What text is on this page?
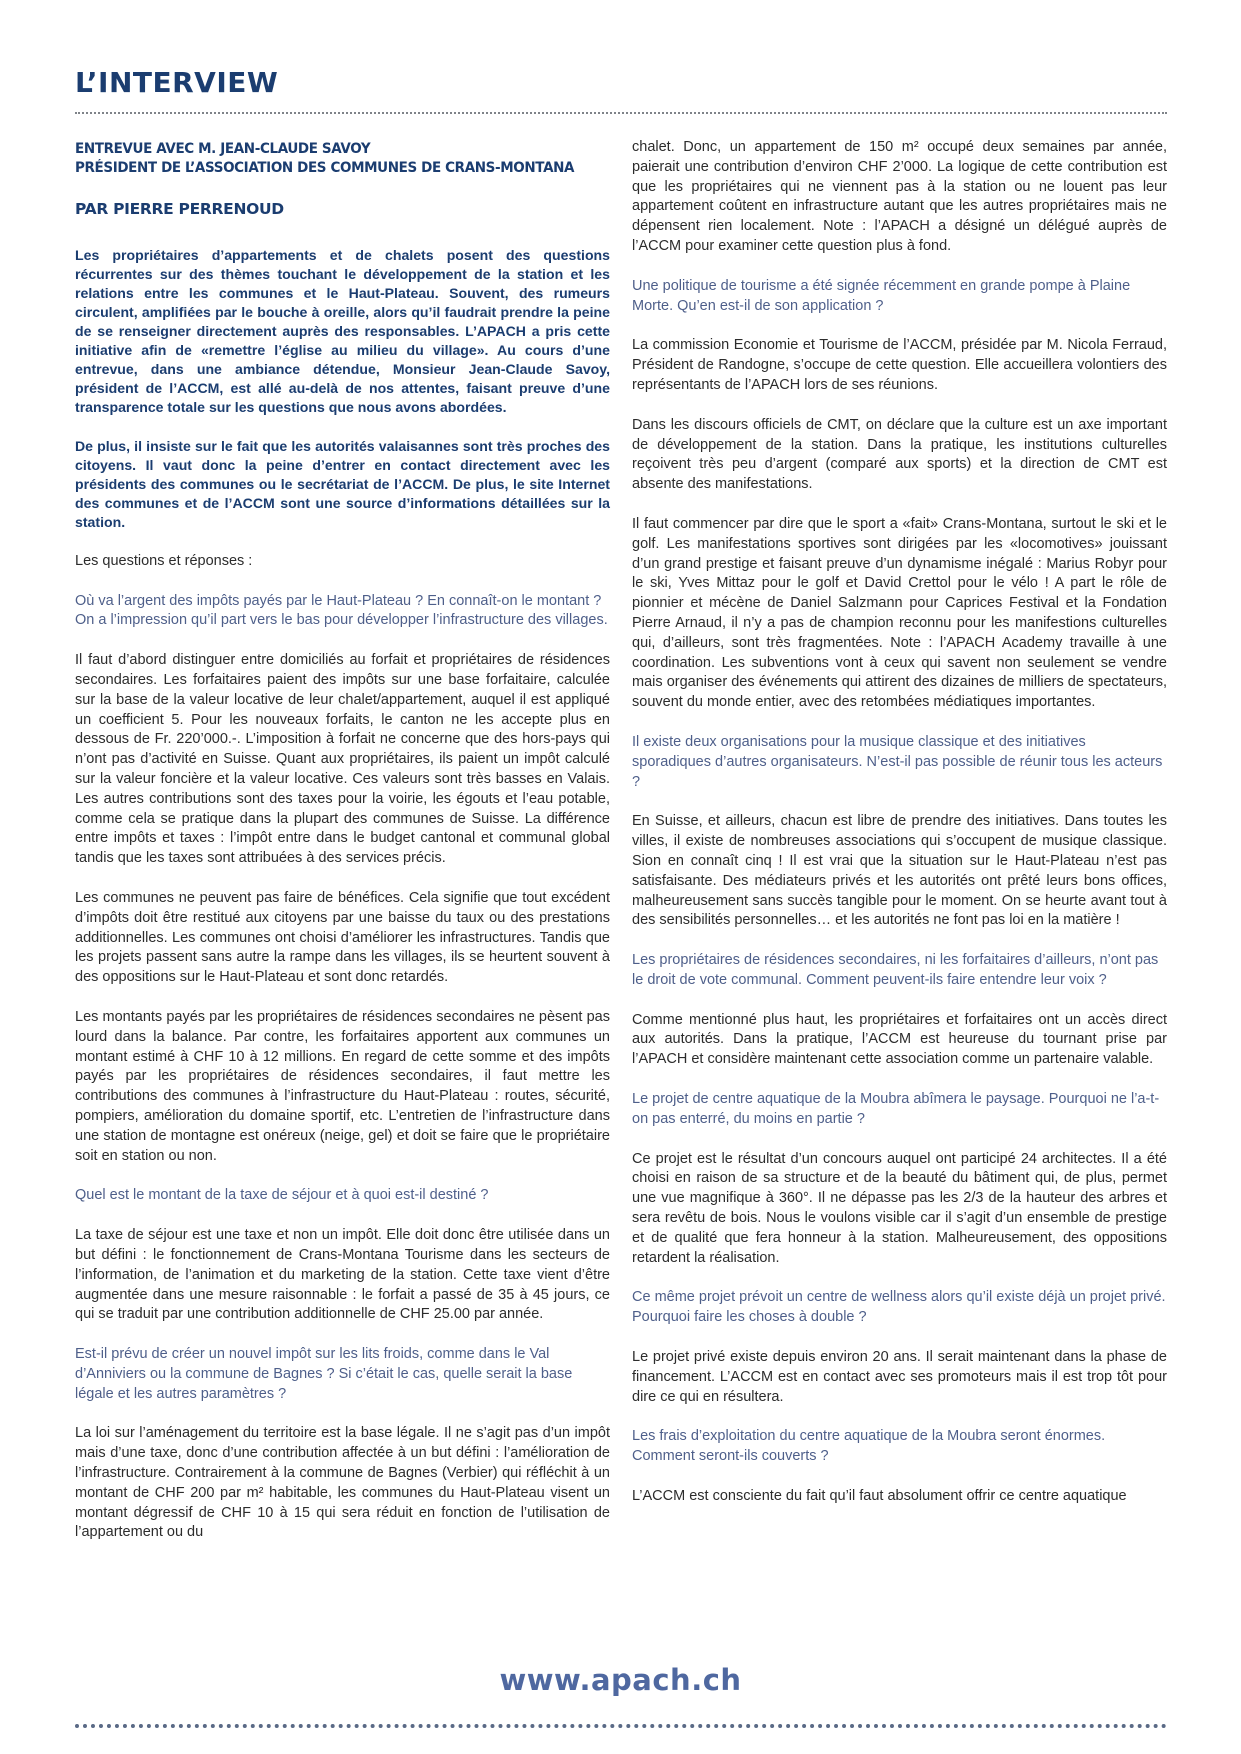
L’INTERVIEW
ENTREVUE AVEC M. JEAN-CLAUDE SAVOY
PRÉSIDENT DE L’ASSOCIATION DES COMMUNES DE CRANS-MONTANA
PAR PIERRE PERRENOUD

Les propriétaires d’appartements et de chalets posent des questions récurrentes sur des thèmes touchant le développement de la station et les relations entre les communes et le Haut-Plateau. Souvent, des rumeurs circulent, amplifiées par le bouche à oreille, alors qu’il faudrait prendre la peine de se renseigner directement auprès des responsables. L’APACH a pris cette initiative afin de «remettre l’église au milieu du village». Au cours d’une entrevue, dans une ambiance détendue, Monsieur Jean-Claude Savoy, président de l’ACCM, est allé au-delà de nos attentes, faisant preuve d’une transparence totale sur les questions que nous avons abordées.

De plus, il insiste sur le fait que les autorités valaisannes sont très proches des citoyens. Il vaut donc la peine d’entrer en contact directement avec les présidents des communes ou le secrétariat de l’ACCM. De plus, le site Internet des communes et de l’ACCM sont une source d’informations détaillées sur la station.

Les questions et réponses :

Où va l’argent des impôts payés par le Haut-Plateau ? En connaît-on le montant ? On a l’impression qu’il part vers le bas pour développer l’infrastructure des villages.

Il faut d’abord distinguer entre domiciliés au forfait et propriétaires de résidences secondaires. Les forfaitaires paient des impôts sur une base forfaitaire, calculée sur la base de la valeur locative de leur chalet/appartement, auquel il est appliqué un coefficient 5. Pour les nouveaux forfaits, le canton ne les accepte plus en dessous de Fr. 220’000.-. L’imposition à forfait ne concerne que des hors-pays qui n’ont pas d’activité en Suisse. Quant aux propriétaires, ils paient un impôt calculé sur la valeur foncière et la valeur locative. Ces valeurs sont très basses en Valais. Les autres contributions sont des taxes pour la voirie, les égouts et l’eau potable, comme cela se pratique dans la plupart des communes de Suisse. La différence entre impôts et taxes : l’impôt entre dans le budget cantonal et communal global tandis que les taxes sont attribuées à des services précis.

Les communes ne peuvent pas faire de bénéfices. Cela signifie que tout excédent d’impôts doit être restitué aux citoyens par une baisse du taux ou des prestations additionnelles. Les communes ont choisi d’améliorer les infrastructures. Tandis que les projets passent sans autre la rampe dans les villages, ils se heurtent souvent à des oppositions sur le Haut-Plateau et sont donc retardés.

Les montants payés par les propriétaires de résidences secondaires ne pèsent pas lourd dans la balance. Par contre, les forfaitaires apportent aux communes un montant estimé à CHF 10 à 12 millions. En regard de cette somme et des impôts payés par les propriétaires de résidences secondaires, il faut mettre les contributions des communes à l’infrastructure du Haut-Plateau : routes, sécurité, pompiers, amélioration du domaine sportif, etc. L’entretien de l’infrastructure dans une station de montagne est onéreux (neige, gel) et doit se faire que le propriétaire soit en station ou non.

Quel est le montant de la taxe de séjour et à quoi est-il destiné ?

La taxe de séjour est une taxe et non un impôt. Elle doit donc être utilisée dans un but défini : le fonctionnement de Crans-Montana Tourisme dans les secteurs de l’information, de l’animation et du marketing de la station. Cette taxe vient d’être augmentée dans une mesure raisonnable : le forfait a passé de 35 à 45 jours, ce qui se traduit par une contribution additionnelle de CHF 25.00 par année.

Est-il prévu de créer un nouvel impôt sur les lits froids, comme dans le Val d’Anniviers ou la commune de Bagnes ? Si c’était le cas, quelle serait la base légale et les autres paramètres ?

La loi sur l’aménagement du territoire est la base légale. Il ne s’agit pas d’un impôt mais d’une taxe, donc d’une contribution affectée à un but défini : l’amélioration de l’infrastructure. Contrairement à la commune de Bagnes (Verbier) qui réfléchit à un montant de CHF 200 par m² habitable, les communes du Haut-Plateau visent un montant dégressif de CHF 10 à 15 qui sera réduit en fonction de l’utilisation de l’appartement ou du

chalet. Donc, un appartement de 150 m² occupé deux semaines par année, paierait une contribution d’environ CHF 2’000. La logique de cette contribution est que les propriétaires qui ne viennent pas à la station ou ne louent pas leur appartement coûtent en infrastructure autant que les autres propriétaires mais ne dépensent rien localement. Note : l’APACH a désigné un délégué auprès de l’ACCM pour examiner cette question plus à fond.

Une politique de tourisme a été signée récemment en grande pompe à Plaine Morte. Qu’en est-il de son application ?

La commission Economie et Tourisme de l’ACCM, présidée par M. Nicola Ferraud, Président de Randogne, s’occupe de cette question. Elle accueillera volontiers des représentants de l’APACH lors de ses réunions.

Dans les discours officiels de CMT, on déclare que la culture est un axe important de développement de la station. Dans la pratique, les institutions culturelles reçoivent très peu d’argent (comparé aux sports) et la direction de CMT est absente des manifestations.

Il faut commencer par dire que le sport a «fait» Crans-Montana, surtout le ski et le golf. Les manifestations sportives sont dirigées par les «locomotives» jouissant d’un grand prestige et faisant preuve d’un dynamisme inégalé : Marius Robyr pour le ski, Yves Mittaz pour le golf et David Crettol pour le vélo ! A part le rôle de pionnier et mécène de Daniel Salzmann pour Caprices Festival et la Fondation Pierre Arnaud, il n’y a pas de champion reconnu pour les manifestions culturelles qui, d’ailleurs, sont très fragmentées. Note : l’APACH Academy travaille à une coordination. Les subventions vont à ceux qui savent non seulement se vendre mais organiser des événements qui attirent des dizaines de milliers de spectateurs, souvent du monde entier, avec des retombées médiatiques importantes.

Il existe deux organisations pour la musique classique et des initiatives sporadiques d’autres organisateurs. N’est-il pas possible de réunir tous les acteurs ?

En Suisse, et ailleurs, chacun est libre de prendre des initiatives. Dans toutes les villes, il existe de nombreuses associations qui s’occupent de musique classique. Sion en connaît cinq ! Il est vrai que la situation sur le Haut-Plateau n’est pas satisfaisante. Des médiateurs privés et les autorités ont prêté leurs bons offices, malheureusement sans succès tangible pour le moment. On se heurte avant tout à des sensibilités personnelles… et les autorités ne font pas loi en la matière !

Les propriétaires de résidences secondaires, ni les forfaitaires d’ailleurs, n’ont pas le droit de vote communal. Comment peuvent-ils faire entendre leur voix ?

Comme mentionné plus haut, les propriétaires et forfaitaires ont un accès direct aux autorités. Dans la pratique, l’ACCM est heureuse du tournant prise par l’APACH et considère maintenant cette association comme un partenaire valable.

Le projet de centre aquatique de la Moubra abîmera le paysage. Pourquoi ne l’a-t-on pas enterré, du moins en partie ?

Ce projet est le résultat d’un concours auquel ont participé 24 architectes. Il a été choisi en raison de sa structure et de la beauté du bâtiment qui, de plus, permet une vue magnifique à 360°. Il ne dépasse pas les 2/3 de la hauteur des arbres et sera revêtu de bois. Nous le voulons visible car il s’agit d’un ensemble de prestige et de qualité que fera honneur à la station. Malheureusement, des oppositions retardent la réalisation.

Ce même projet prévoit un centre de wellness alors qu’il existe déjà un projet privé. Pourquoi faire les choses à double ?

Le projet privé existe depuis environ 20 ans. Il serait maintenant dans la phase de financement. L’ACCM est en contact avec ses promoteurs mais il est trop tôt pour dire ce qui en résultera.

Les frais d’exploitation du centre aquatique de la Moubra seront énormes. Comment seront-ils couverts ?

L’ACCM est consciente du fait qu’il faut absolument offrir ce centre aquatique

www.apach.ch
